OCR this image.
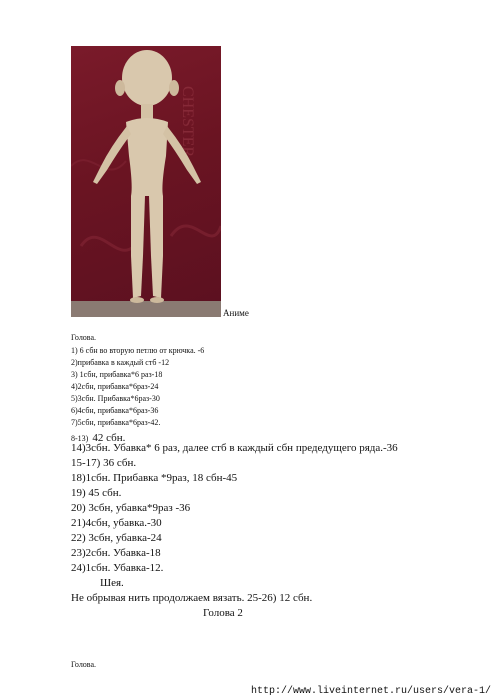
CHESTER
Аниме
Голова.
1) 6 сбн во вторую петлю от крючка. -6
2)прибавка в каждый стб -12
3) 1сбн, прибавка*6 раз-18
4)2сбн, прибавка*6раз-24
5)3сбн. Прибавка*6раз-30
6)4сбн, прибавка*6раз-36
7)5сбн, прибавка*6раз-42.
8-13) 42 сбн.
14)3сбн. Убавка* 6 раз, далее стб в каждый сбн предедущего ряда.-36
15-17) 36 сбн.
18)1сбн. Прибавка *9раз, 18 сбн-45
19) 45 сбн.
20) 3сбн, убавка*9раз -36
21)4сбн, убавка.-30
22) 3сбн, убавка-24
23)2сбн. Убавка-18
24)1сбн. Убавка-12.
Шея.
Не обрывая нить продолжаем вязать. 25-26) 12 сбн.
Голова 2
Голова.
http://www.liveinternet.ru/users/vera-1/
